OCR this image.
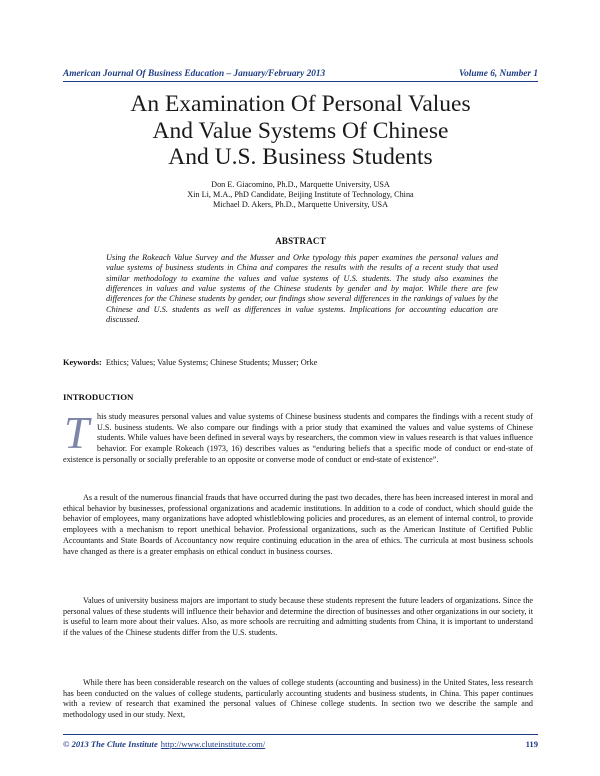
American Journal Of Business Education – January/February 2013	Volume 6, Number 1
An Examination Of Personal Values
And Value Systems Of Chinese
And U.S. Business Students
Don E. Giacomino, Ph.D., Marquette University, USA
Xin Li, M.A., PhD Candidate, Beijing Institute of Technology, China
Michael D. Akers, Ph.D., Marquette University, USA
ABSTRACT
Using the Rokeach Value Survey and the Musser and Orke typology this paper examines the personal values and value systems of business students in China and compares the results with the results of a recent study that used similar methodology to examine the values and value systems of U.S. students. The study also examines the differences in values and value systems of the Chinese students by gender and by major. While there are few differences for the Chinese students by gender, our findings show several differences in the rankings of values by the Chinese and U.S. students as well as differences in value systems. Implications for accounting education are discussed.
Keywords: Ethics; Values; Value Systems; Chinese Students; Musser; Orke
INTRODUCTION
This study measures personal values and value systems of Chinese business students and compares the findings with a recent study of U.S. business students. We also compare our findings with a prior study that examined the values and value systems of Chinese students. While values have been defined in several ways by researchers, the common view in values research is that values influence behavior. For example Rokeach (1973, 16) describes values as “enduring beliefs that a specific mode of conduct or end-state of existence is personally or socially preferable to an opposite or converse mode of conduct or end-state of existence”.
As a result of the numerous financial frauds that have occurred during the past two decades, there has been increased interest in moral and ethical behavior by businesses, professional organizations and academic institutions. In addition to a code of conduct, which should guide the behavior of employees, many organizations have adopted whistleblowing policies and procedures, as an element of internal control, to provide employees with a mechanism to report unethical behavior. Professional organizations, such as the American Institute of Certified Public Accountants and State Boards of Accountancy now require continuing education in the area of ethics. The curricula at most business schools have changed as there is a greater emphasis on ethical conduct in business courses.
Values of university business majors are important to study because these students represent the future leaders of organizations. Since the personal values of these students will influence their behavior and determine the direction of businesses and other organizations in our society, it is useful to learn more about their values. Also, as more schools are recruiting and admitting students from China, it is important to understand if the values of the Chinese students differ from the U.S. students.
While there has been considerable research on the values of college students (accounting and business) in the United States, less research has been conducted on the values of college students, particularly accounting students and business students, in China. This paper continues with a review of research that examined the personal values of Chinese college students. In section two we describe the sample and methodology used in our study. Next,
© 2013 The Clute Institute http://www.cluteinstitute.com/	119
